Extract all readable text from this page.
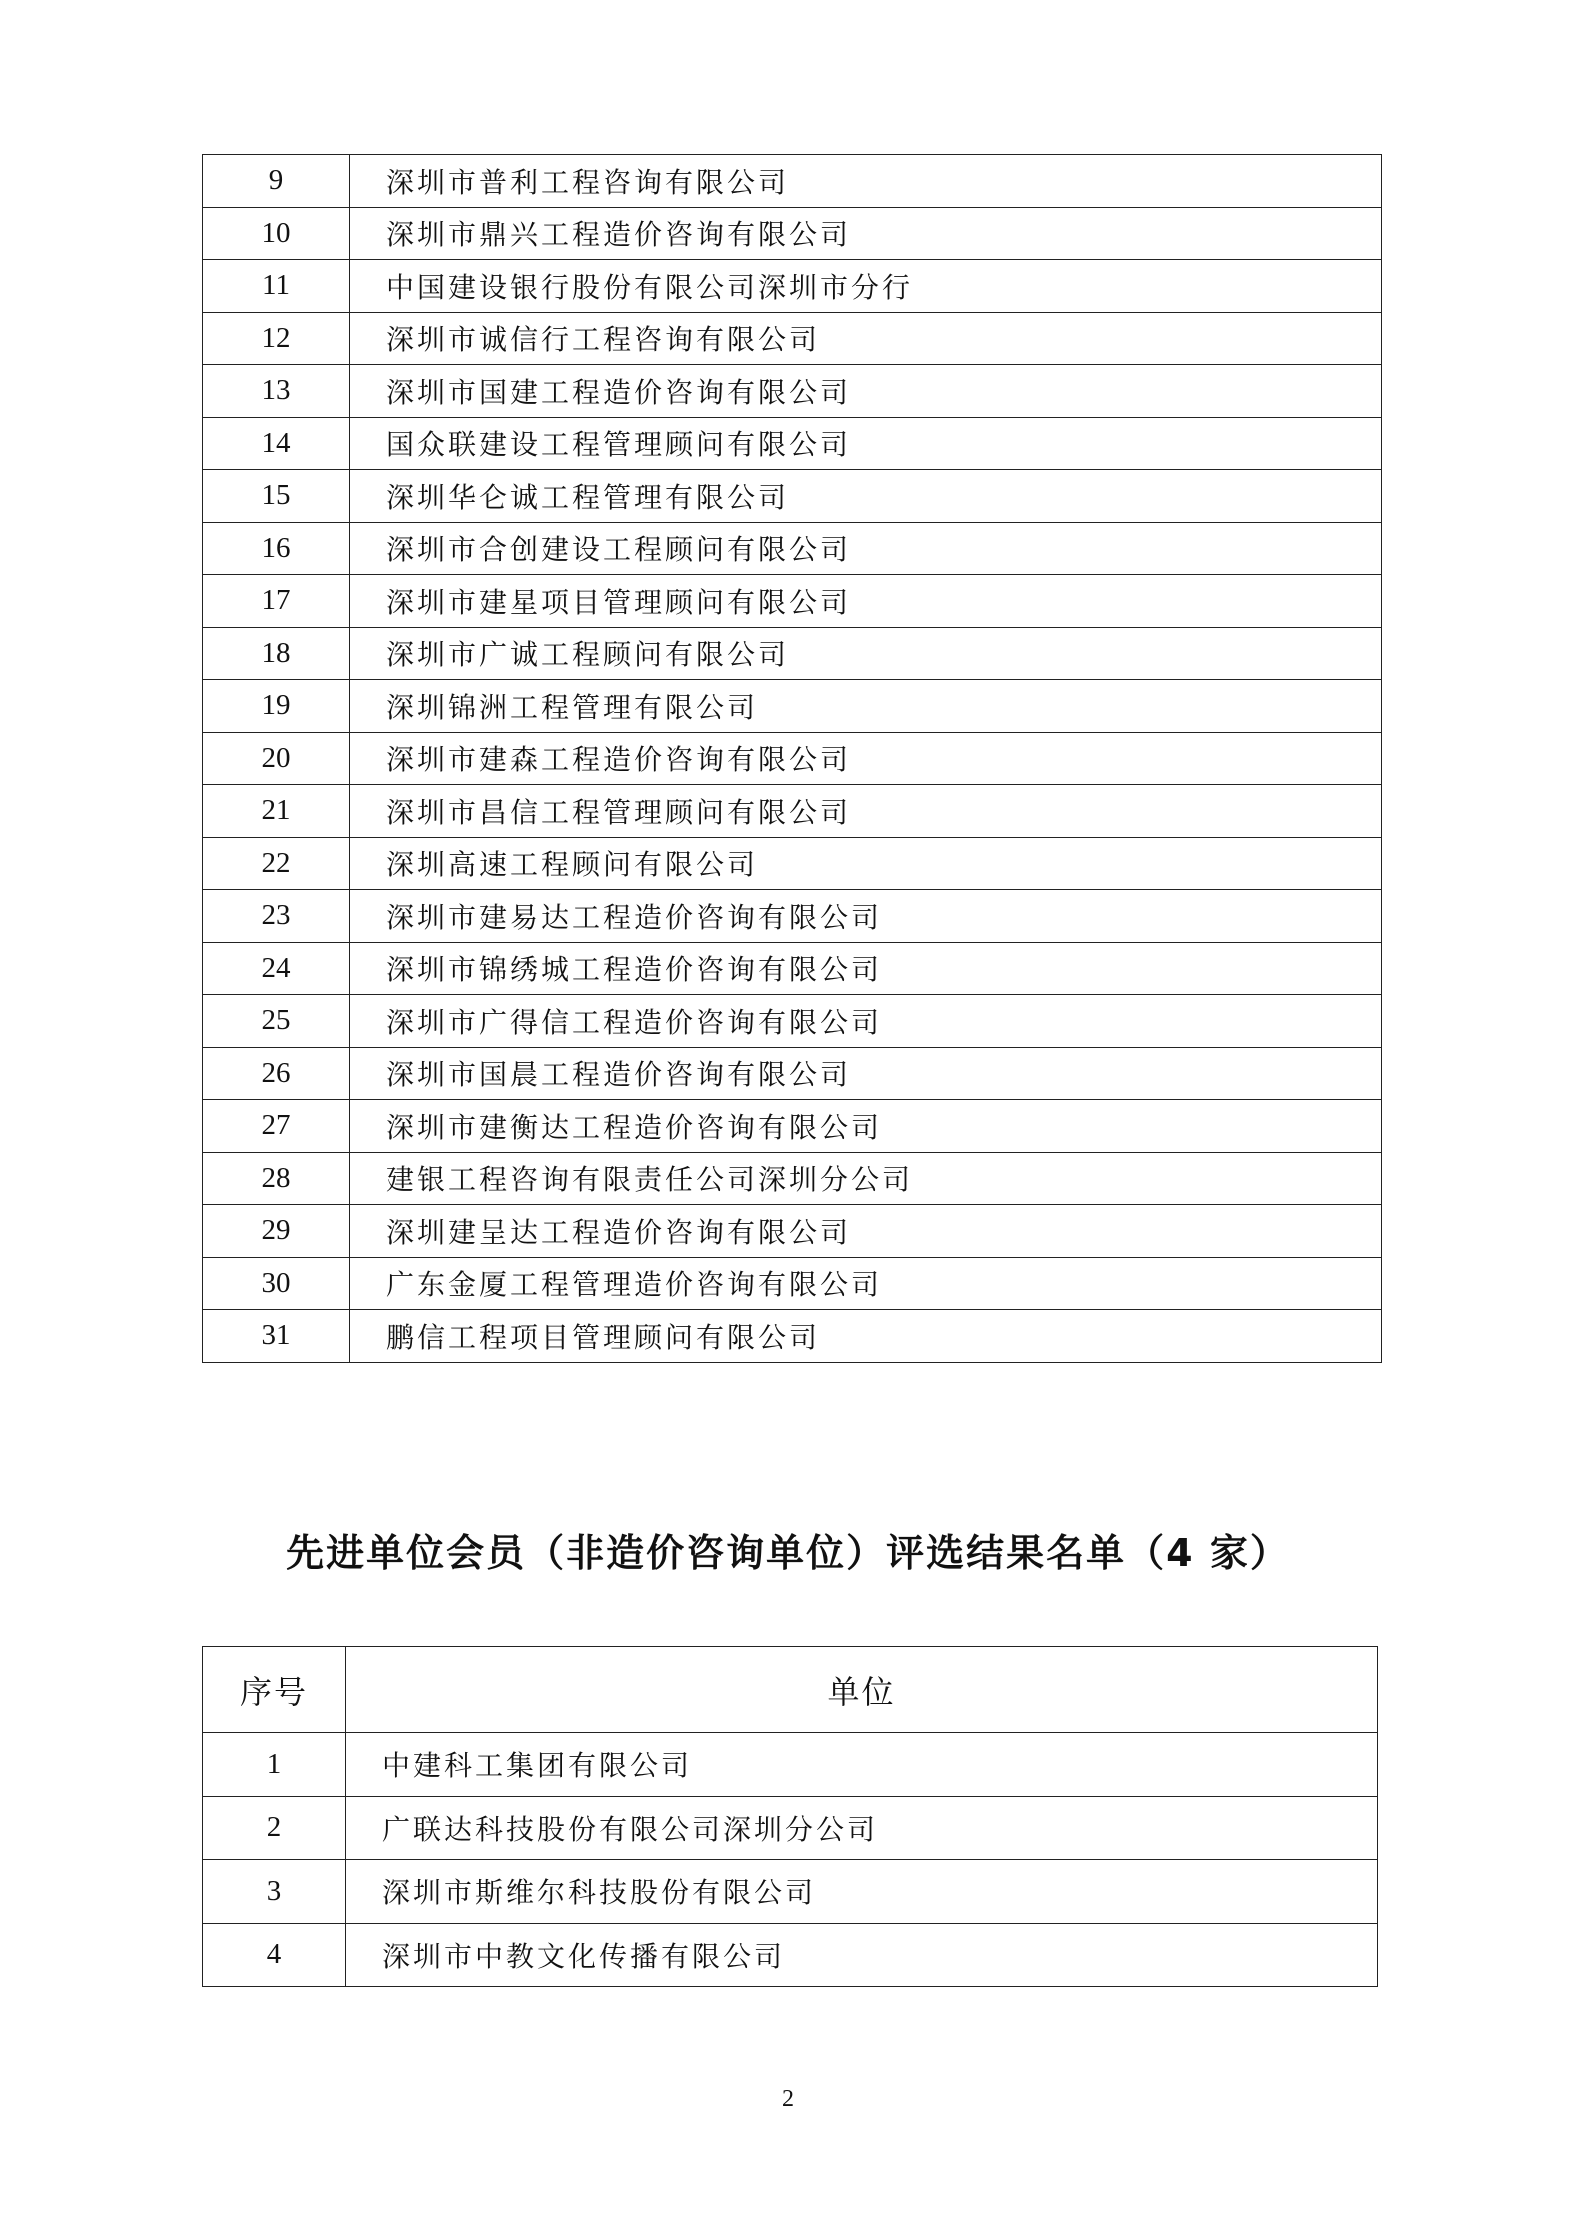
9	深圳市普利工程咨询有限公司
10	深圳市鼎兴工程造价咨询有限公司
11	中国建设银行股份有限公司深圳市分行
12	深圳市诚信行工程咨询有限公司
13	深圳市国建工程造价咨询有限公司
14	国众联建设工程管理顾问有限公司
15	深圳华仑诚工程管理有限公司
16	深圳市合创建设工程顾问有限公司
17	深圳市建星项目管理顾问有限公司
18	深圳市广诚工程顾问有限公司
19	深圳锦洲工程管理有限公司
20	深圳市建森工程造价咨询有限公司
21	深圳市昌信工程管理顾问有限公司
22	深圳高速工程顾问有限公司
23	深圳市建易达工程造价咨询有限公司
24	深圳市锦绣城工程造价咨询有限公司
25	深圳市广得信工程造价咨询有限公司
26	深圳市国晨工程造价咨询有限公司
27	深圳市建衡达工程造价咨询有限公司
28	建银工程咨询有限责任公司深圳分公司
29	深圳建呈达工程造价咨询有限公司
30	广东金厦工程管理造价咨询有限公司
31	鹏信工程项目管理顾问有限公司
先进单位会员（非造价咨询单位）评选结果名单（4 家）
序号	单位
1	中建科工集团有限公司
2	广联达科技股份有限公司深圳分公司
3	深圳市斯维尔科技股份有限公司
4	深圳市中教文化传播有限公司
2
